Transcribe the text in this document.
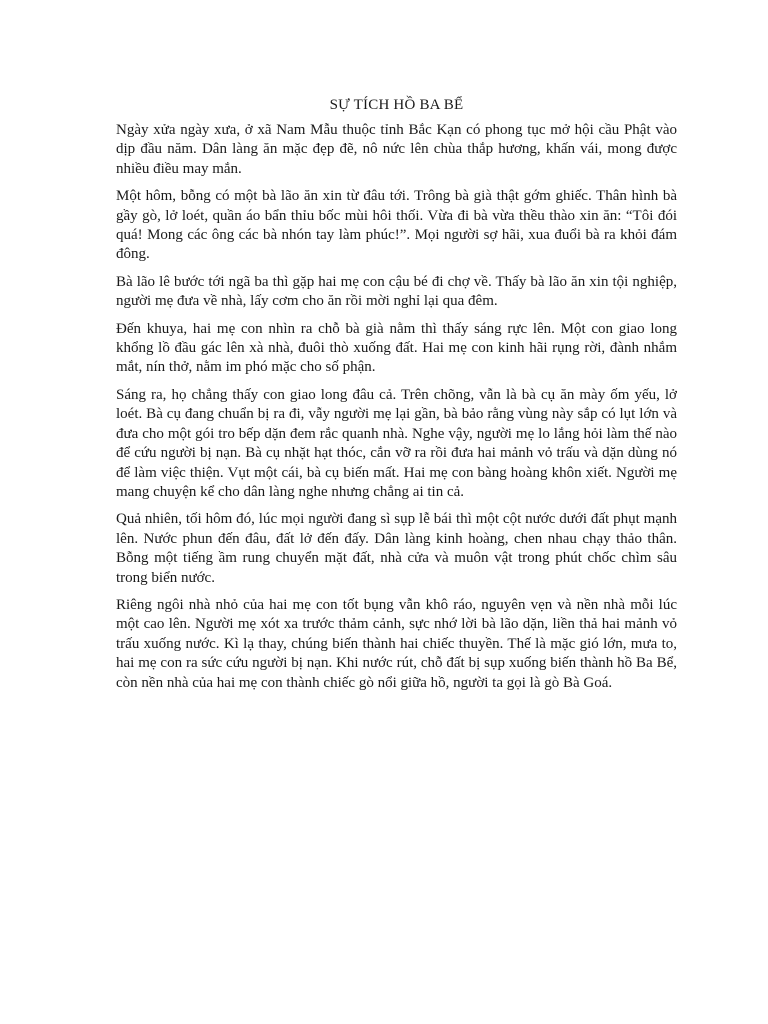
SỰ TÍCH HỒ BA BỂ

Ngày xửa ngày xưa, ở xã Nam Mẫu thuộc tỉnh Bắc Kạn có phong tục mở hội cầu Phật vào dịp đầu năm. Dân làng ăn mặc đẹp đẽ, nô nức lên chùa thắp hương, khấn vái, mong được nhiều điều may mắn.

Một hôm, bỗng có một bà lão ăn xin từ đâu tới. Trông bà già thật gớm ghiếc. Thân hình bà gầy gò, lở loét, quần áo bẩn thỉu bốc mùi hôi thối. Vừa đi bà vừa thều thào xin ăn: “Tôi đói quá! Mong các ông các bà nhón tay làm phúc!”. Mọi người sợ hãi, xua đuổi bà ra khỏi đám đông.

Bà lão lê bước tới ngã ba thì gặp hai mẹ con cậu bé đi chợ về. Thấy bà lão ăn xin tội nghiệp, người mẹ đưa về nhà, lấy cơm cho ăn rồi mời nghỉ lại qua đêm.

Đến khuya, hai mẹ con nhìn ra chỗ bà già nằm thì thấy sáng rực lên. Một con giao long khổng lồ đầu gác lên xà nhà, đuôi thò xuống đất. Hai mẹ con kinh hãi rụng rời, đành nhắm mắt, nín thở, nằm im phó mặc cho số phận.

Sáng ra, họ chẳng thấy con giao long đâu cả. Trên chõng, vẫn là bà cụ ăn mày ốm yếu, lở loét. Bà cụ đang chuẩn bị ra đi, vẫy người mẹ lại gần, bà bảo rằng vùng này sắp có lụt lớn và đưa cho một gói tro bếp dặn đem rắc quanh nhà. Nghe vậy, người mẹ lo lắng hỏi làm thế nào để cứu người bị nạn. Bà cụ nhặt hạt thóc, cắn vỡ ra rồi đưa hai mảnh vỏ trấu và dặn dùng nó để làm việc thiện. Vụt một cái, bà cụ biến mất. Hai mẹ con bàng hoàng khôn xiết. Người mẹ mang chuyện kể cho dân làng nghe nhưng chẳng ai tin cả.

Quả nhiên, tối hôm đó, lúc mọi người đang sì sụp lễ bái thì một cột nước dưới đất phụt mạnh lên. Nước phun đến đâu, đất lở đến đấy. Dân làng kinh hoàng, chen nhau chạy thảo thân. Bỗng một tiếng ầm rung chuyển mặt đất, nhà cửa và muôn vật trong phút chốc chìm sâu trong biển nước.

Riêng ngôi nhà nhỏ của hai mẹ con tốt bụng vẫn khô ráo, nguyên vẹn và nền nhà mỗi lúc một cao lên. Người mẹ xót xa trước thảm cảnh, sực nhớ lời bà lão dặn, liền thả hai mảnh vỏ trấu xuống nước. Kì lạ thay, chúng biến thành hai chiếc thuyền. Thế là mặc gió lớn, mưa to, hai mẹ con ra sức cứu người bị nạn. Khi nước rút, chỗ đất bị sụp xuống biến thành hồ Ba Bể, còn nền nhà của hai mẹ con thành chiếc gò nổi giữa hồ, người ta gọi là gò Bà Goá.
